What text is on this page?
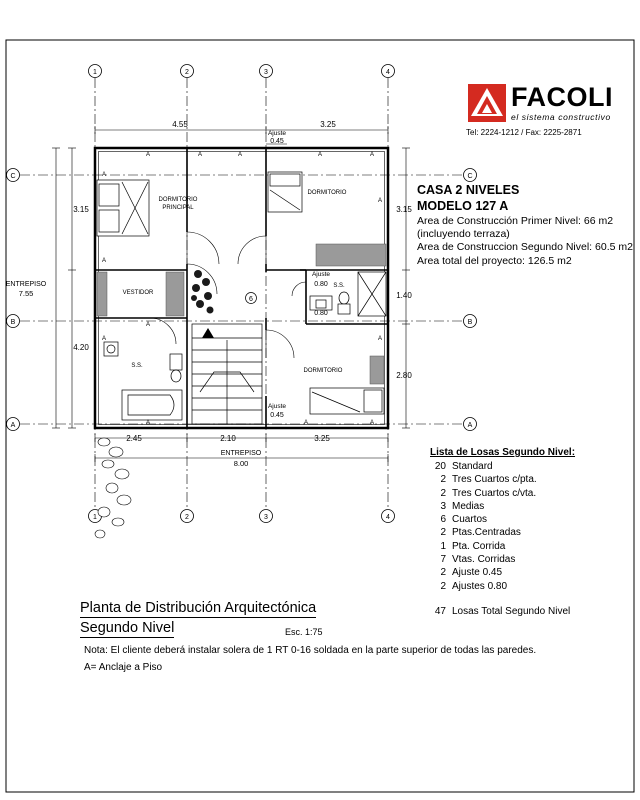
1	2	3	4
1	2	3	4
C
B
A
C
B
A
4.55	3.25
Ajuste
0.45
2.45	2.10	3.25
ENTREPISO
8.00
3.15
4.20
ENTREPISO
7.55
3.15
1.40
2.80
Ajuste
0.80
0.80
Ajuste
0.45
6
A	A	A	A	A
A
A
A
A
A
A
A	A	A
DORMITORIO
PRINCIPAL
DORMITORIO
VESTIDOR
S.S.
S.S.
DORMITORIO
FACOLI
el sistema constructivo
Tel: 2224-1212 / Fax: 2225-2871
CASA 2 NIVELES
MODELO 127 A
Area de Construcción Primer Nivel: 66 m2
(incluyendo terraza)
Area de Construccion Segundo Nivel: 60.5 m2
Area total del proyecto: 126.5 m2
Lista de Losas Segundo Nivel:
20 Standard
2 Tres Cuartos c/pta.
2 Tres Cuartos c/vta.
3 Medias
6 Cuartos
2 Ptas.Centradas
1 Pta. Corrida
7 Vtas. Corridas
2 Ajuste 0.45
2 Ajustes 0.80
47 Losas Total Segundo Nivel
Planta de Distribución Arquitectónica
Segundo Nivel	Esc. 1:75
Nota: El cliente deberá instalar solera de 1 RT 0-16 soldada en la parte superior de todas las paredes.
A= Anclaje a Piso
